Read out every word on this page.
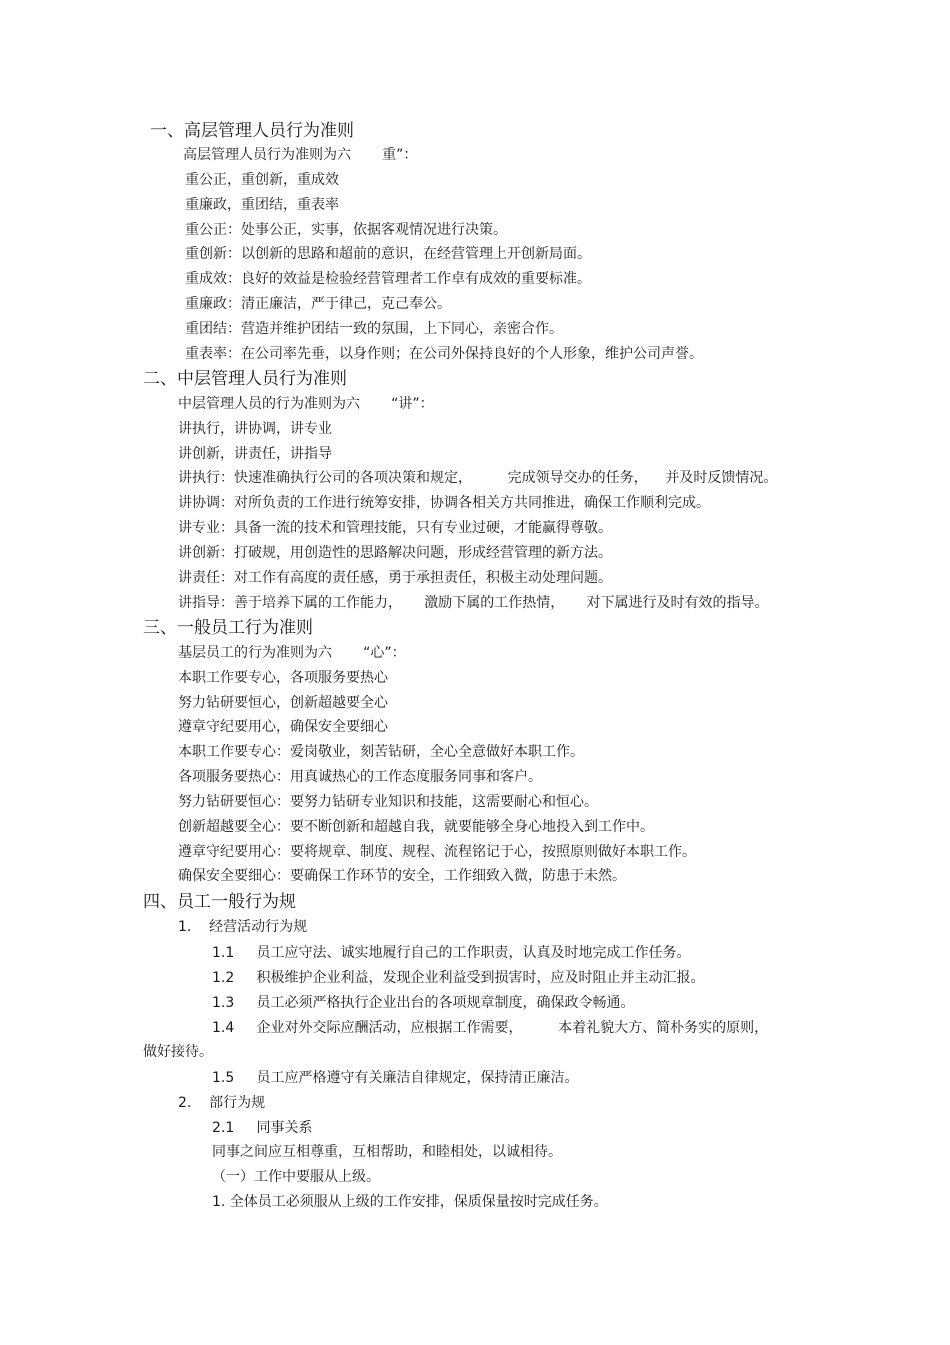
一、高层管理人员行为准则
高层管理人员行为准则为六       重”：
重公正，重创新，重成效
重廉政，重团结，重表率
重公正：处事公正，实事，依据客观情况进行决策。
重创新：以创新的思路和超前的意识，在经营管理上开创新局面。
重成效：良好的效益是检验经营管理者工作卓有成效的重要标准。
重廉政：清正廉洁，严于律己，克己奉公。
重团结：营造并维护团结一致的氛围，上下同心，亲密合作。
重表率：在公司率先垂，以身作则；在公司外保持良好的个人形象，维护公司声誉。
二、中层管理人员行为准则
中层管理人员的行为准则为六       “讲”：
讲执行，讲协调，讲专业
讲创新，讲责任，讲指导
讲执行：快速准确执行公司的各项决策和规定，        完成领导交办的任务，    并及时反馈情况。
讲协调：对所负责的工作进行统筹安排，协调各相关方共同推进，确保工作顺利完成。
讲专业：具备一流的技术和管理技能，只有专业过硬，才能赢得尊敬。
讲创新：打破规，用创造性的思路解决问题，形成经营管理的新方法。
讲责任：对工作有高度的责任感，勇于承担责任，积极主动处理问题。
讲指导：善于培养下属的工作能力，     激励下属的工作热情，     对下属进行及时有效的指导。
三、一般员工行为准则
基层员工的行为准则为六       “心”：
本职工作要专心，各项服务要热心
努力钻研要恒心，创新超越要全心
遵章守纪要用心，确保安全要细心
本职工作要专心：爱岗敬业，刻苦钻研，全心全意做好本职工作。
各项服务要热心：用真诚热心的工作态度服务同事和客户。
努力钻研要恒心：要努力钻研专业知识和技能，这需要耐心和恒心。
创新超越要全心：要不断创新和超越自我，就要能够全身心地投入到工作中。
遵章守纪要用心：要将规章、制度、规程、流程铭记于心，按照原则做好本职工作。
确保安全要细心：要确保工作环节的安全，工作细致入微，防患于未然。
四、员工一般行为规
1.    经营活动行为规
1.1     员工应守法、诚实地履行自己的工作职责，认真及时地完成工作任务。
1.2     积极维护企业利益，发现企业利益受到损害时，应及时阻止并主动汇报。
1.3     员工必须严格执行企业出台的各项规章制度，确保政令畅通。
1.4     企业对外交际应酬活动，应根据工作需要，        本着礼貌大方、简朴务实的原则，
做好接待。
1.5     员工应严格遵守有关廉洁自律规定，保持清正廉洁。
2.    部行为规
2.1     同事关系
同事之间应互相尊重，互相帮助，和睦相处，以诚相待。
（一）工作中要服从上级。
1. 全体员工必须服从上级的工作安排，保质保量按时完成任务。
